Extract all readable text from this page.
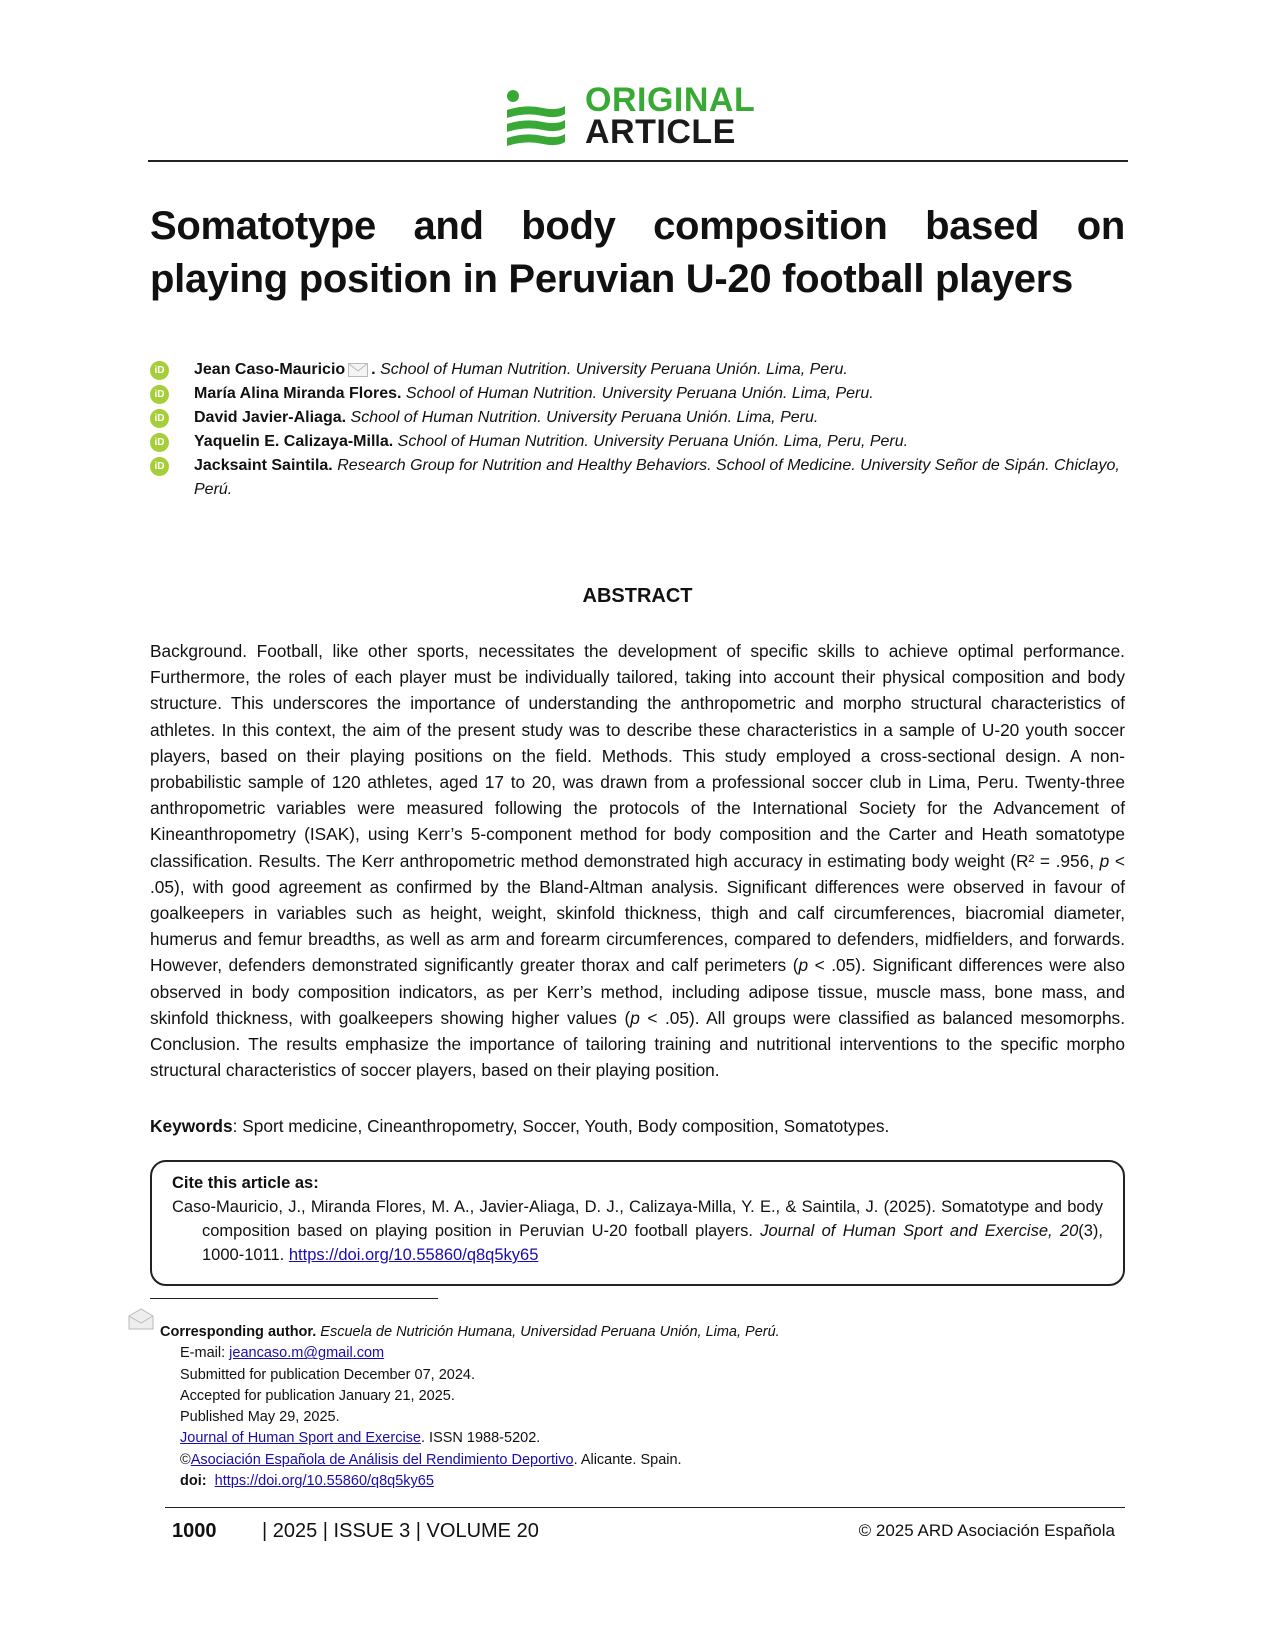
ORIGINAL
ARTICLE
Somatotype and body composition based on playing position in Peruvian U-20 football players
iD Jean Caso-Mauricio . School of Human Nutrition. University Peruana Unión. Lima, Peru.
iD María Alina Miranda Flores. School of Human Nutrition. University Peruana Unión. Lima, Peru.
iD David Javier-Aliaga. School of Human Nutrition. University Peruana Unión. Lima, Peru.
iD Yaquelin E. Calizaya-Milla. School of Human Nutrition. University Peruana Unión. Lima, Peru, Peru.
iD Jacksaint Saintila. Research Group for Nutrition and Healthy Behaviors. School of Medicine. University Señor de Sipán. Chiclayo, Perú.
ABSTRACT

Background. Football, like other sports, necessitates the development of specific skills to achieve optimal performance. Furthermore, the roles of each player must be individually tailored, taking into account their physical composition and body structure. This underscores the importance of understanding the anthropometric and morpho structural characteristics of athletes. In this context, the aim of the present study was to describe these characteristics in a sample of U-20 youth soccer players, based on their playing positions on the field. Methods. This study employed a cross-sectional design. A non-probabilistic sample of 120 athletes, aged 17 to 20, was drawn from a professional soccer club in Lima, Peru. Twenty-three anthropometric variables were measured following the protocols of the International Society for the Advancement of Kineanthropometry (ISAK), using Kerr’s 5-component method for body composition and the Carter and Heath somatotype classification. Results. The Kerr anthropometric method demonstrated high accuracy in estimating body weight (R² = .956, p < .05), with good agreement as confirmed by the Bland-Altman analysis. Significant differences were observed in favour of goalkeepers in variables such as height, weight, skinfold thickness, thigh and calf circumferences, biacromial diameter, humerus and femur breadths, as well as arm and forearm circumferences, compared to defenders, midfielders, and forwards. However, defenders demonstrated significantly greater thorax and calf perimeters (p < .05). Significant differences were also observed in body composition indicators, as per Kerr’s method, including adipose tissue, muscle mass, bone mass, and skinfold thickness, with goalkeepers showing higher values (p < .05). All groups were classified as balanced mesomorphs. Conclusion. The results emphasize the importance of tailoring training and nutritional interventions to the specific morpho structural characteristics of soccer players, based on their playing position.

Keywords: Sport medicine, Cineanthropometry, Soccer, Youth, Body composition, Somatotypes.

Cite this article as:
Caso-Mauricio, J., Miranda Flores, M. A., Javier-Aliaga, D. J., Calizaya-Milla, Y. E., & Saintila, J. (2025). Somatotype and body composition based on playing position in Peruvian U-20 football players. Journal of Human Sport and Exercise, 20(3), 1000-1011. https://doi.org/10.55860/q8q5ky65
Corresponding author. Escuela de Nutrición Humana, Universidad Peruana Unión, Lima, Perú.
E-mail: jeancaso.m@gmail.com
Submitted for publication December 07, 2024.
Accepted for publication January 21, 2025.
Published May 29, 2025.
Journal of Human Sport and Exercise. ISSN 1988-5202.
©Asociación Española de Análisis del Rendimiento Deportivo. Alicante. Spain.
doi: https://doi.org/10.55860/q8q5ky65
1000 | 2025 | ISSUE 3 | VOLUME 20	© 2025 ARD Asociación Española
